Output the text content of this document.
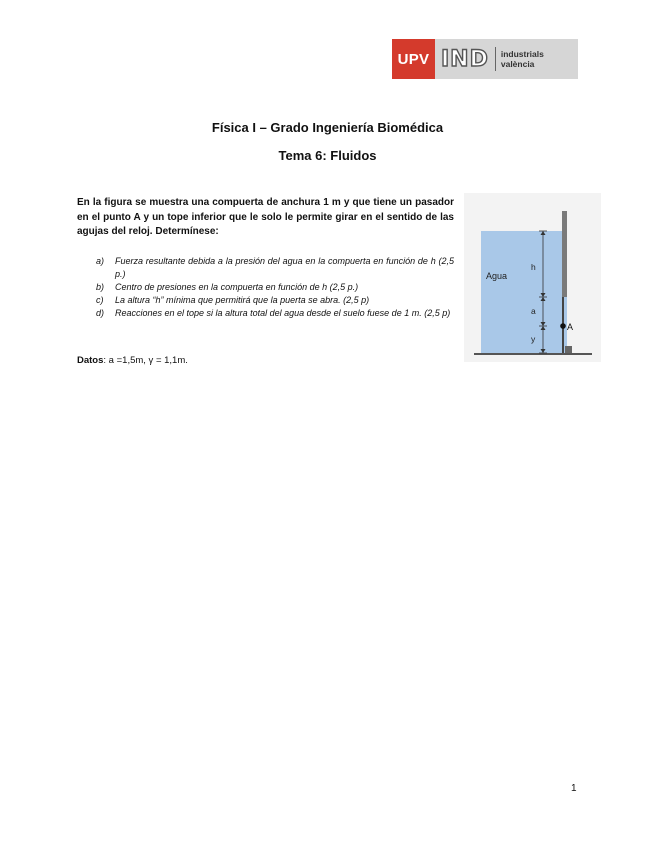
UPV IND industrials
valència
Física I – Grado Ingeniería Biomédica
Tema 6: Fluidos
En la figura se muestra una compuerta de anchura 1 m y que tiene un pasador en el punto A y un tope inferior que le solo le permite girar en el sentido de las agujas del reloj. Determínese:
a) Fuerza resultante debida a la presión del agua en la compuerta en función de h (2,5 p.)
b) Centro de presiones en la compuerta en función de h (2,5 p.)
c) La altura “h” mínima que permitirá que la puerta se abra. (2,5 p)
d) Reacciones en el tope si la altura total del agua desde el suelo fuese de 1 m. (2,5 p)
Datos: a =1,5m, γ = 1,1m.
A
h
a
y
Agua
1
